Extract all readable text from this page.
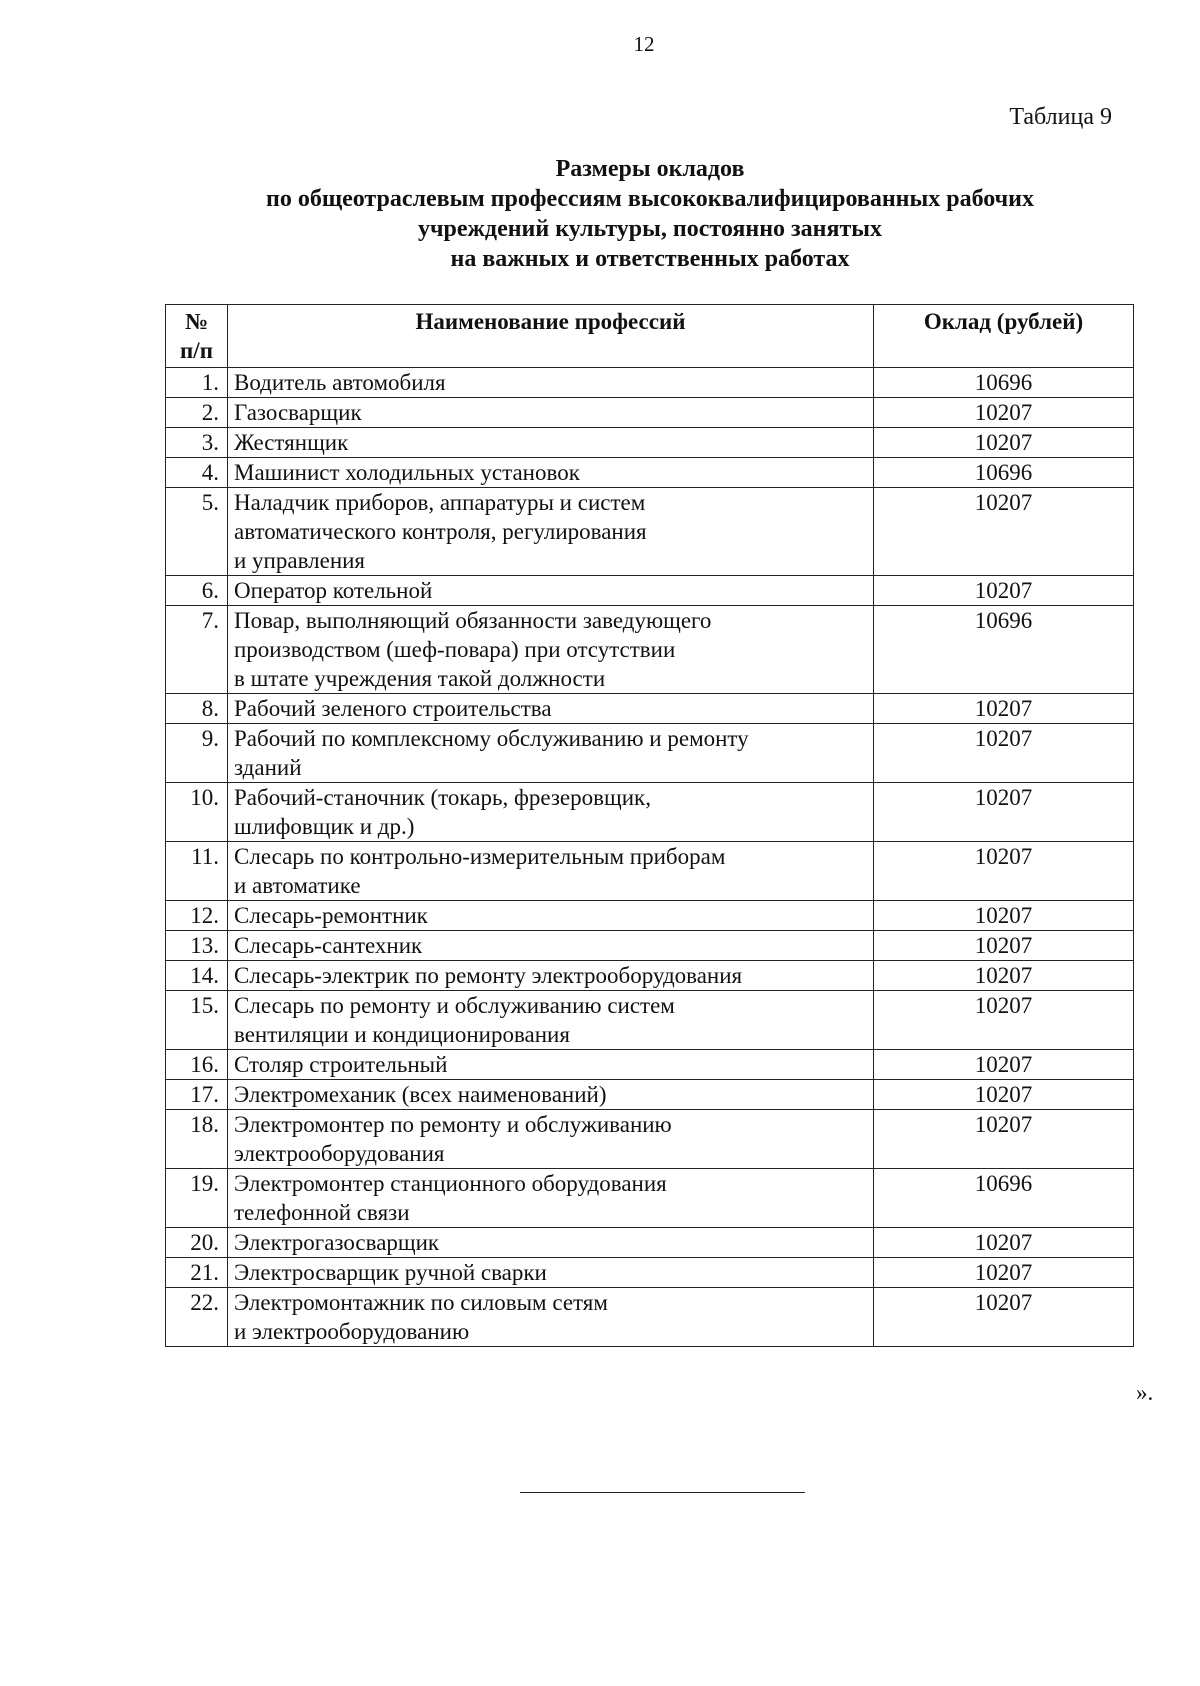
12
Таблица 9
Размеры окладов
по общеотраслевым профессиям высококвалифицированных рабочих
учреждений культуры, постоянно занятых
на важных и ответственных работах
№
п/п	Наименование профессий	Оклад (рублей)
1.	Водитель автомобиля	10696
2.	Газосварщик	10207
3.	Жестянщик	10207
4.	Машинист холодильных установок	10696
5.	Наладчик приборов, аппаратуры и систем
автоматического контроля, регулирования
и управления	10207
6.	Оператор котельной	10207
7.	Повар, выполняющий обязанности заведующего
производством (шеф-повара) при отсутствии
в штате учреждения такой должности	10696
8.	Рабочий зеленого строительства	10207
9.	Рабочий по комплексному обслуживанию и ремонту
зданий	10207
10.	Рабочий-станочник (токарь, фрезеровщик,
шлифовщик и др.)	10207
11.	Слесарь по контрольно-измерительным приборам
и автоматике	10207
12.	Слесарь-ремонтник	10207
13.	Слесарь-сантехник	10207
14.	Слесарь-электрик по ремонту электрооборудования	10207
15.	Слесарь по ремонту и обслуживанию систем
вентиляции и кондиционирования	10207
16.	Столяр строительный	10207
17.	Электромеханик (всех наименований)	10207
18.	Электромонтер по ремонту и обслуживанию
электрооборудования	10207
19.	Электромонтер станционного оборудования
телефонной связи	10696
20.	Электрогазосварщик	10207
21.	Электросварщик ручной сварки	10207
22.	Электромонтажник по силовым сетям
и электрооборудованию	10207
».
